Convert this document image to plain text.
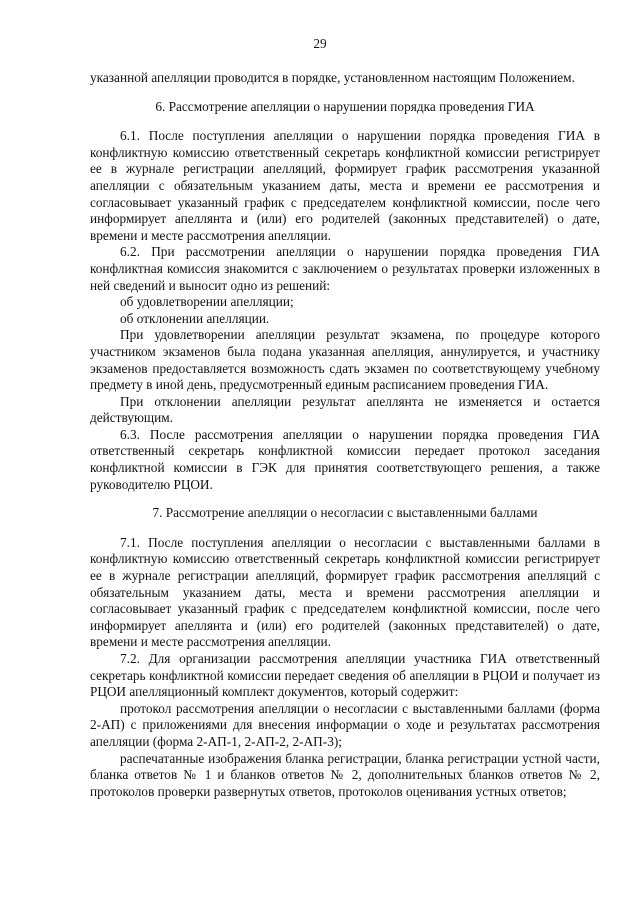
29

указанной апелляции проводится в порядке, установленном настоящим Положением.

6. Рассмотрение апелляции о нарушении порядка проведения ГИА

6.1. После поступления апелляции о нарушении порядка проведения ГИА в конфликтную комиссию ответственный секретарь конфликтной комиссии регистрирует ее в журнале регистрации апелляций, формирует график рассмотрения указанной апелляции с обязательным указанием даты, места и времени ее рассмотрения и согласовывает указанный график с председателем конфликтной комиссии, после чего информирует апеллянта и (или) его родителей (законных представителей) о дате, времени и месте рассмотрения апелляции.

6.2. При рассмотрении апелляции о нарушении порядка проведения ГИА конфликтная комиссия знакомится с заключением о результатах проверки изложенных в ней сведений и выносит одно из решений:

об удовлетворении апелляции;

об отклонении апелляции.

При удовлетворении апелляции результат экзамена, по процедуре которого участником экзаменов была подана указанная апелляция, аннулируется, и участнику экзаменов предоставляется возможность сдать экзамен по соответствующему учебному предмету в иной день, предусмотренный единым расписанием проведения ГИА.

При отклонении апелляции результат апеллянта не изменяется и остается действующим.

6.3. После рассмотрения апелляции о нарушении порядка проведения ГИА ответственный секретарь конфликтной комиссии передает протокол заседания конфликтной комиссии в ГЭК для принятия соответствующего решения, а также руководителю РЦОИ.

7. Рассмотрение апелляции о несогласии с выставленными баллами

7.1. После поступления апелляции о несогласии с выставленными баллами в конфликтную комиссию ответственный секретарь конфликтной комиссии регистрирует ее в журнале регистрации апелляций, формирует график рассмотрения апелляций с обязательным указанием даты, места и времени рассмотрения апелляции и согласовывает указанный график с председателем конфликтной комиссии, после чего информирует апеллянта и (или) его родителей (законных представителей) о дате, времени и месте рассмотрения апелляции.

7.2. Для организации рассмотрения апелляции участника ГИА ответственный секретарь конфликтной комиссии передает сведения об апелляции в РЦОИ и получает из РЦОИ апелляционный комплект документов, который содержит:

протокол рассмотрения апелляции о несогласии с выставленными баллами (форма 2-АП) с приложениями для внесения информации о ходе и результатах рассмотрения апелляции (форма 2-АП-1, 2-АП-2, 2-АП-3);

распечатанные изображения бланка регистрации, бланка регистрации устной части, бланка ответов № 1 и бланков ответов № 2, дополнительных бланков ответов № 2, протоколов проверки развернутых ответов, протоколов оценивания устных ответов;
